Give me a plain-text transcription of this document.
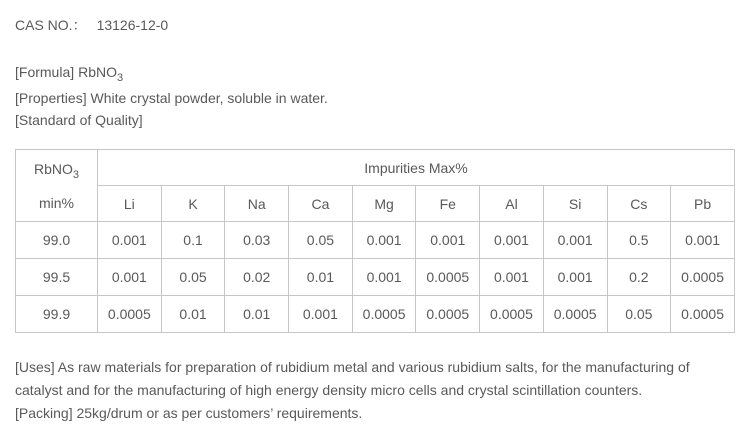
CAS NO.： 13126-12-0
[Formula] RbNO$_3$
[Properties] White crystal powder, soluble in water.
[Standard of Quality]
RbNO$_3$
min%	Impurities Max%									
	Li	K	Na	Ca	Mg	Fe	Al	Si	Cs	Pb
99.0	0.001	0.1	0.03	0.05	0.001	0.001	0.001	0.001	0.5	0.001
99.5	0.001	0.05	0.02	0.01	0.001	0.0005	0.001	0.001	0.2	0.0005
99.9	0.0005	0.01	0.01	0.001	0.0005	0.0005	0.0005	0.0005	0.05	0.0005
[Uses] As raw materials for preparation of rubidium metal and various rubidium salts, for the manufacturing of catalyst and for the manufacturing of high energy density micro cells and crystal scintillation counters.
[Packing] 25kg/drum or as per customers’ requirements.
